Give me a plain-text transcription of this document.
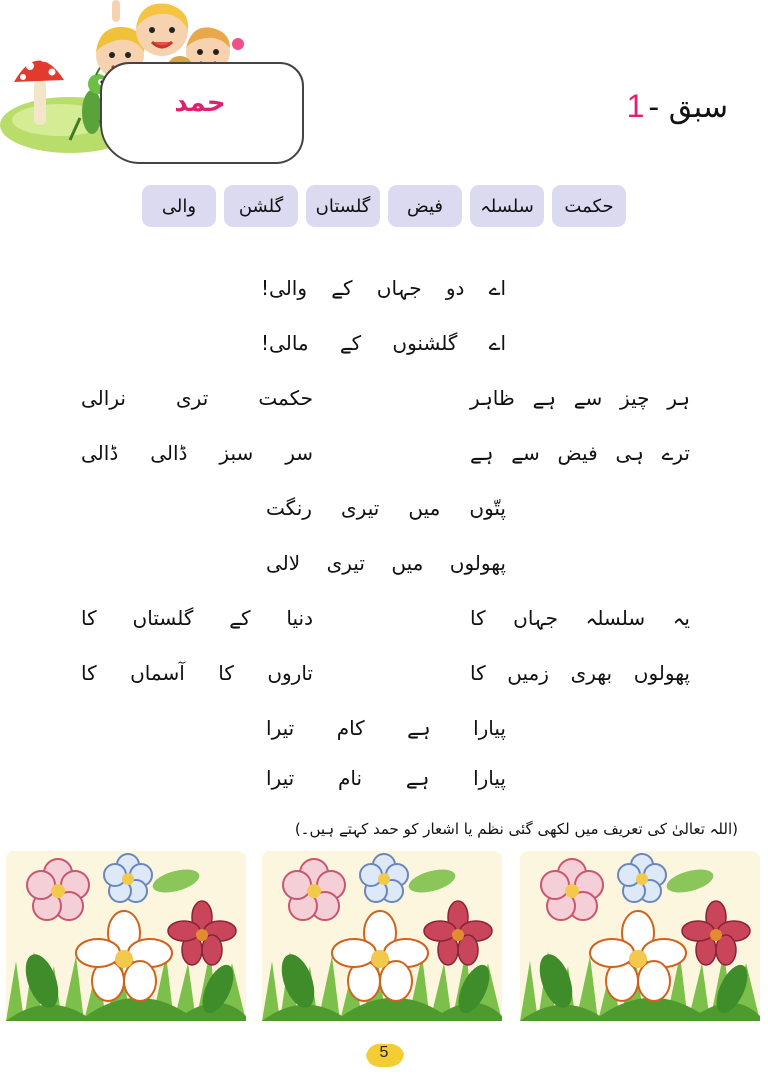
حمد	سبق -
1
حکمت
سلسلہ
فیض
گلستاں
گلشن
والی
اے
دو
جہاں
کے
والی!
اے
گلشنوں
کے
مالی!
ہر
چیز
سے
ہے
ظاہر
حکمت
تری
نرالی
ترے
ہی
فیض
سے
ہے
سر
سبز
ڈالی
ڈالی
پتّوں
میں
تیری
رنگت
پھولوں
میں
تیری
لالی
یہ
سلسلہ
جہاں
کا
دنیا
کے
گلستاں
کا
پھولوں
بھری
زمیں
کا
تاروں
کا
آسماں
کا
پیارا
ہے
کام
تیرا
پیارا
ہے
نام
تیرا
(اللہ تعالیٰ کی تعریف میں لکھی گئی نظم یا اشعار کو حمد کہتے ہیں۔)
5
